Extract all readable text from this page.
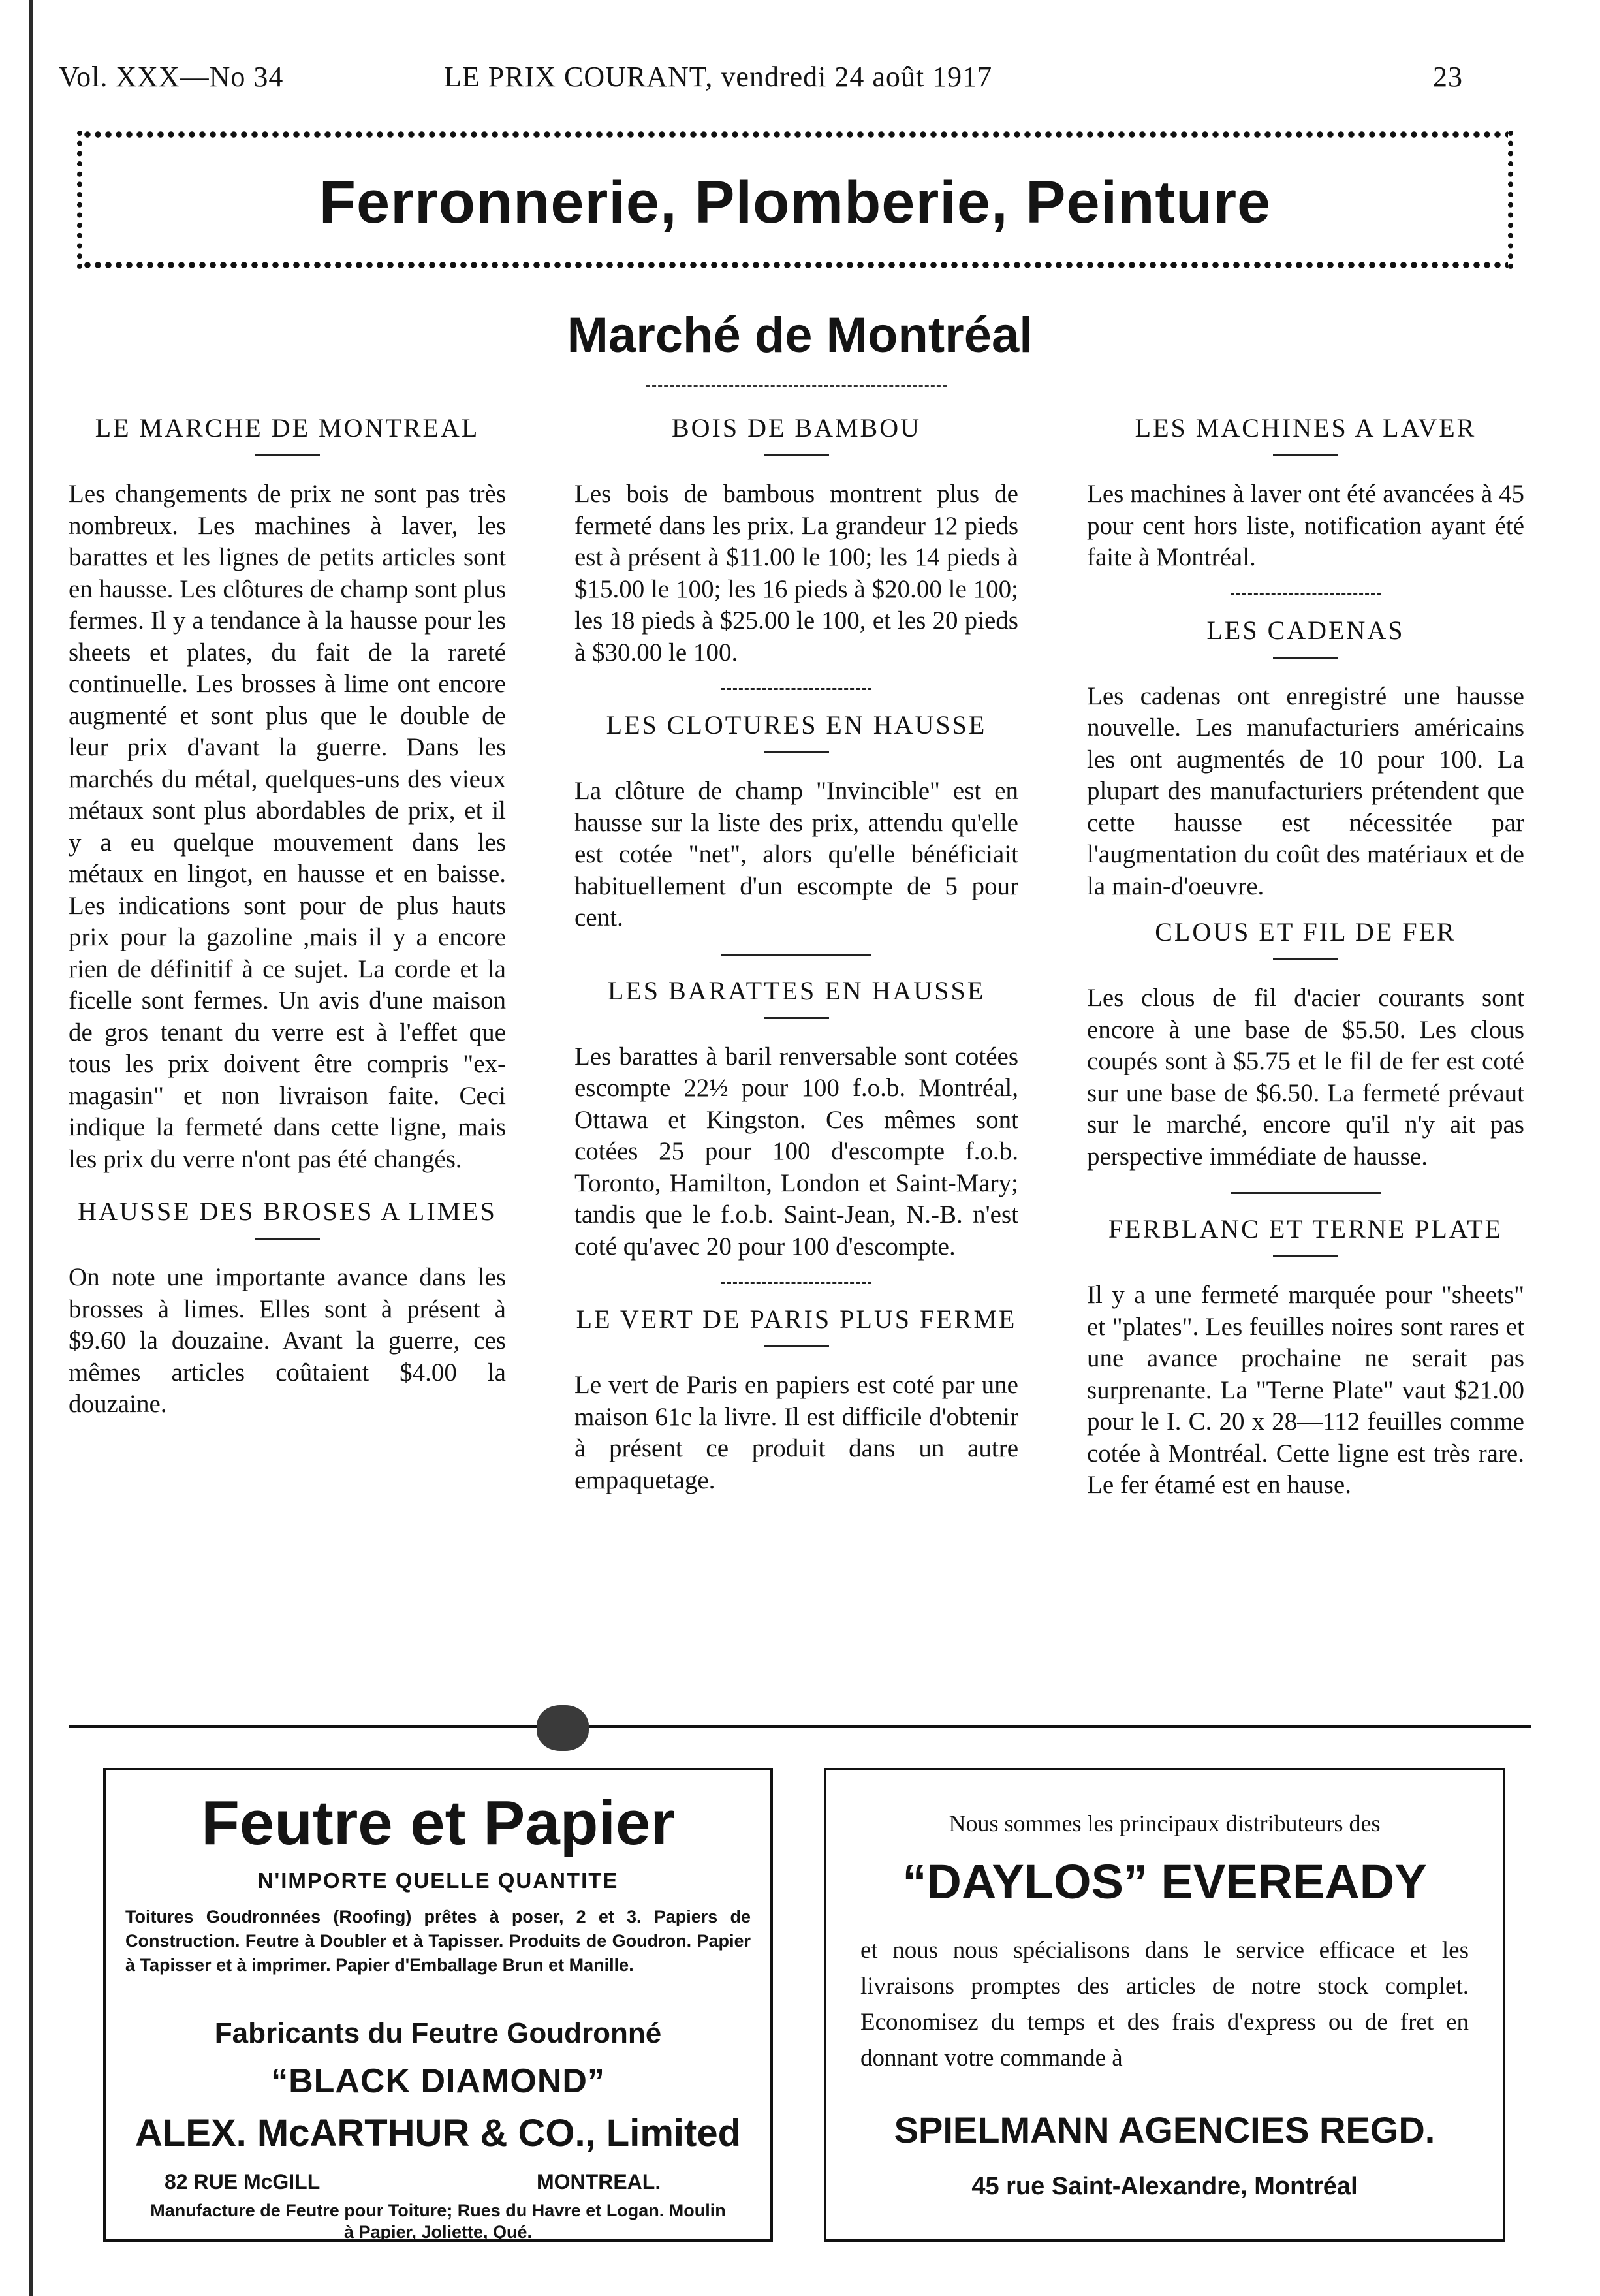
Vol. XXX—No 34	LE PRIX COURANT, vendredi 24 août 1917	23
Ferronnerie, Plomberie, Peinture
Marché de Montréal
LE MARCHE DE MONTREAL

Les changements de prix ne sont pas très nombreux. Les machines à laver, les barattes et les lignes de petits articles sont en hausse. Les clôtures de champ sont plus fermes. Il y a tendance à la hausse pour les sheets et plates, du fait de la rareté continuelle. Les brosses à lime ont encore augmenté et sont plus que le double de leur prix d'avant la guerre. Dans les marchés du métal, quelques-uns des vieux métaux sont plus abordables de prix, et il y a eu quelque mouvement dans les métaux en lingot, en hausse et en baisse. Les indications sont pour de plus hauts prix pour la gazoline ,mais il y a encore rien de définitif à ce sujet. La corde et la ficelle sont fermes. Un avis d'une maison de gros tenant du verre est à l'effet que tous les prix doivent être compris "ex-magasin" et non livraison faite. Ceci indique la fermeté dans cette ligne, mais les prix du verre n'ont pas été changés.

HAUSSE DES BROSES A LIMES

On note une importante avance dans les brosses à limes. Elles sont à présent à $9.60 la douzaine. Avant la guerre, ces mêmes articles coûtaient $4.00 la douzaine.

BOIS DE BAMBOU

Les bois de bambous montrent plus de fermeté dans les prix. La grandeur 12 pieds est à présent à $11.00 le 100; les 14 pieds à $15.00 le 100; les 16 pieds à $20.00 le 100; les 18 pieds à $25.00 le 100, et les 20 pieds à $30.00 le 100.

LES CLOTURES EN HAUSSE

La clôture de champ "Invincible" est en hausse sur la liste des prix, attendu qu'elle est cotée "net", alors qu'elle bénéficiait habituellement d'un escompte de 5 pour cent.

LES BARATTES EN HAUSSE

Les barattes à baril renversable sont cotées escompte 22½ pour 100 f.o.b. Montréal, Ottawa et Kingston. Ces mêmes sont cotées 25 pour 100 d'escompte f.o.b. Toronto, Hamilton, London et Saint-Mary; tandis que le f.o.b. Saint-Jean, N.-B. n'est coté qu'avec 20 pour 100 d'escompte.

LE VERT DE PARIS PLUS FERME

Le vert de Paris en papiers est coté par une maison 61c la livre. Il est difficile d'obtenir à présent ce produit dans un autre empaquetage.

LES MACHINES A LAVER

Les machines à laver ont été avancées à 45 pour cent hors liste, notification ayant été faite à Montréal.

LES CADENAS

Les cadenas ont enregistré une hausse nouvelle. Les manufacturiers américains les ont augmentés de 10 pour 100. La plupart des manufacturiers prétendent que cette hausse est nécessitée par l'augmentation du coût des matériaux et de la main-d'oeuvre.

CLOUS ET FIL DE FER

Les clous de fil d'acier courants sont encore à une base de $5.50. Les clous coupés sont à $5.75 et le fil de fer est coté sur une base de $6.50. La fermeté prévaut sur le marché, encore qu'il n'y ait pas perspective immédiate de hausse.

FERBLANC ET TERNE PLATE

Il y a une fermeté marquée pour "sheets" et "plates". Les feuilles noires sont rares et une avance prochaine ne serait pas surprenante. La "Terne Plate" vaut $21.00 pour le I. C. 20 x 28—112 feuilles comme cotée à Montréal. Cette ligne est très rare. Le fer étamé est en hause.

Feutre et Papier
N'IMPORTE QUELLE QUANTITE

Toitures Goudronnées (Roofing) prêtes à poser, 2 et 3. Papiers de Construction. Feutre à Doubler et à Tapisser. Produits de Goudron. Papier à Tapisser et à imprimer. Papier d'Emballage Brun et Manille.

Fabricants du Feutre Goudronné
“BLACK DIAMOND”
ALEX. McARTHUR & CO., Limited
82 RUE McGILL	MONTREAL.

Manufacture de Feutre pour Toiture; Rues du Havre et Logan. Moulin à Papier, Joliette, Qué.

Nous sommes les principaux distributeurs des
“DAYLOS” EVEREADY

et nous nous spécialisons dans le service efficace et les livraisons promptes des articles de notre stock complet. Economisez du temps et des frais d'express ou de fret en donnant votre commande à

SPIELMANN AGENCIES REGD.
45 rue Saint-Alexandre, Montréal
